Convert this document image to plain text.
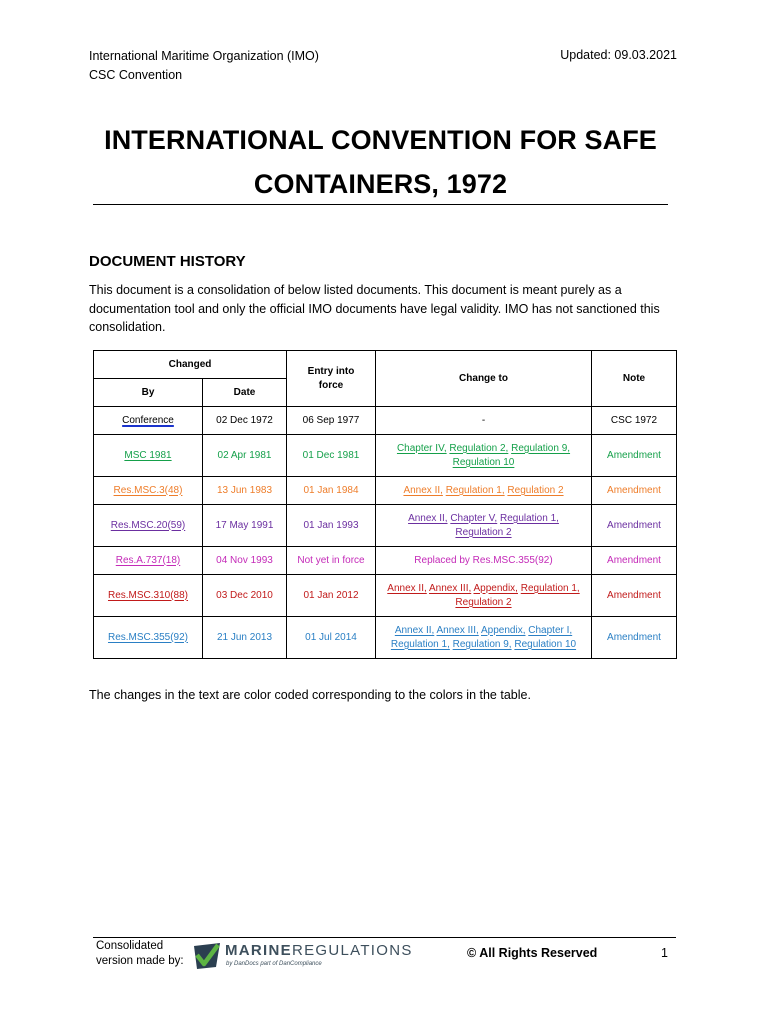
International Maritime Organization (IMO)
CSC Convention
Updated: 09.03.2021
INTERNATIONAL CONVENTION FOR SAFE
CONTAINERS, 1972
DOCUMENT HISTORY
This document is a consolidation of below listed documents. This document is meant purely as a documentation tool and only the official IMO documents have legal validity. IMO has not sanctioned this consolidation.
Changed		Entry into
force	Change to	Note
By	Date			
Conference	02 Dec 1972	06 Sep 1977	-	CSC 1972
MSC 1981	02 Apr 1981	01 Dec 1981	Chapter IV, Regulation 2, Regulation 9,
Regulation 10	Amendment
Res.MSC.3(48)	13 Jun 1983	01 Jan 1984	Annex II, Regulation 1, Regulation 2	Amendment
Res.MSC.20(59)	17 May 1991	01 Jan 1993	Annex II, Chapter V, Regulation 1,
Regulation 2	Amendment
Res.A.737(18)	04 Nov 1993	Not yet in force	Replaced by Res.MSC.355(92)	Amendment
Res.MSC.310(88)	03 Dec 2010	01 Jan 2012	Annex II, Annex III, Appendix, Regulation 1,
Regulation 2	Amendment
Res.MSC.355(92)	21 Jun 2013	01 Jul 2014	Annex II, Annex III, Appendix, Chapter I,
Regulation 1, Regulation 9, Regulation 10	Amendment
The changes in the text are color coded corresponding to the colors in the table.
Consolidated
version made by:
MARINEREGULATIONS
by DanDocs part of DanCompliance
© All Rights Reserved	1
